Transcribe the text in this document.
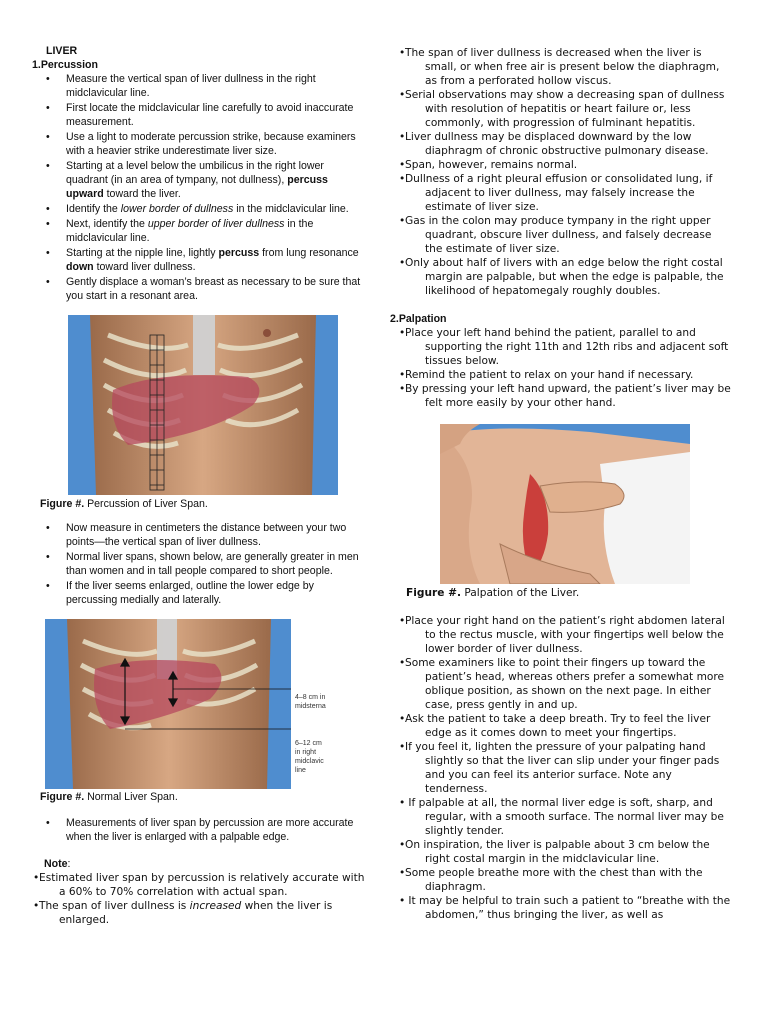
LIVER
1.Percussion
• Measure the vertical span of liver dullness in the right midclavicular line.
• First locate the midclavicular line carefully to avoid inaccurate measurement.
• Use a light to moderate percussion strike, because examiners with a heavier strike underestimate liver size.
• Starting at a level below the umbilicus in the right lower quadrant (in an area of tympany, not dullness), percuss upward toward the liver.
• Identify the lower border of dullness in the midclavicular line.
• Next, identify the upper border of liver dullness in the midclavicular line.
• Starting at the nipple line, lightly percuss from lung resonance down toward liver dullness.
• Gently displace a woman’s breast as necessary to be sure that you start in a resonant area.

Figure #. Percussion of Liver Span.

• Now measure in centimeters the distance between your two points—the vertical span of liver dullness.
• Normal liver spans, shown below, are generally greater in men than women and in tall people compared to short people.
• If the liver seems enlarged, outline the lower edge by percussing medially and laterally.
4–8 cm in
midsterna
6–12 cm
in right
midclavic
line

Figure #. Normal Liver Span.

• Measurements of liver span by percussion are more accurate when the liver is enlarged with a palpable edge.
Note:
• Estimated liver span by percussion is relatively accurate with a 60% to 70% correlation with actual span.
• The span of liver dullness is increased when the liver is enlarged.
• The span of liver dullness is decreased when the liver is small, or when free air is present below the diaphragm, as from a perforated hollow viscus.
• Serial observations may show a decreasing span of dullness with resolution of hepatitis or heart failure or, less commonly, with progression of fulminant hepatitis.
• Liver dullness may be displaced downward by the low diaphragm of chronic obstructive pulmonary disease.
• Span, however, remains normal.
• Dullness of a right pleural effusion or consolidated lung, if adjacent to liver dullness, may falsely increase the estimate of liver size.
• Gas in the colon may produce tympany in the right upper quadrant, obscure liver dullness, and falsely decrease the estimate of liver size.
• Only about half of livers with an edge below the right costal margin are palpable, but when the edge is palpable, the likelihood of hepatomegaly roughly doubles.
2.Palpation
• Place your left hand behind the patient, parallel to and supporting the right 11th and 12th ribs and adjacent soft tissues below.
• Remind the patient to relax on your hand if necessary.
• By pressing your left hand upward, the patient’s liver may be felt more easily by your other hand.

Figure #. Palpation of the Liver.

• Place your right hand on the patient’s right abdomen lateral to the rectus muscle, with your fingertips well below the lower border of liver dullness.
• Some examiners like to point their fingers up toward the patient’s head, whereas others prefer a somewhat more oblique position, as shown on the next page. In either case, press gently in and up.
• Ask the patient to take a deep breath. Try to feel the liver edge as it comes down to meet your fingertips.
• If you feel it, lighten the pressure of your palpating hand slightly so that the liver can slip under your finger pads and you can feel its anterior surface. Note any tenderness.
• If palpable at all, the normal liver edge is soft, sharp, and regular, with a smooth surface. The normal liver may be slightly tender.
• On inspiration, the liver is palpable about 3 cm below the right costal margin in the midclavicular line.
• Some people breathe more with the chest than with the diaphragm.
• It may be helpful to train such a patient to “breathe with the abdomen,” thus bringing the liver, as well as
